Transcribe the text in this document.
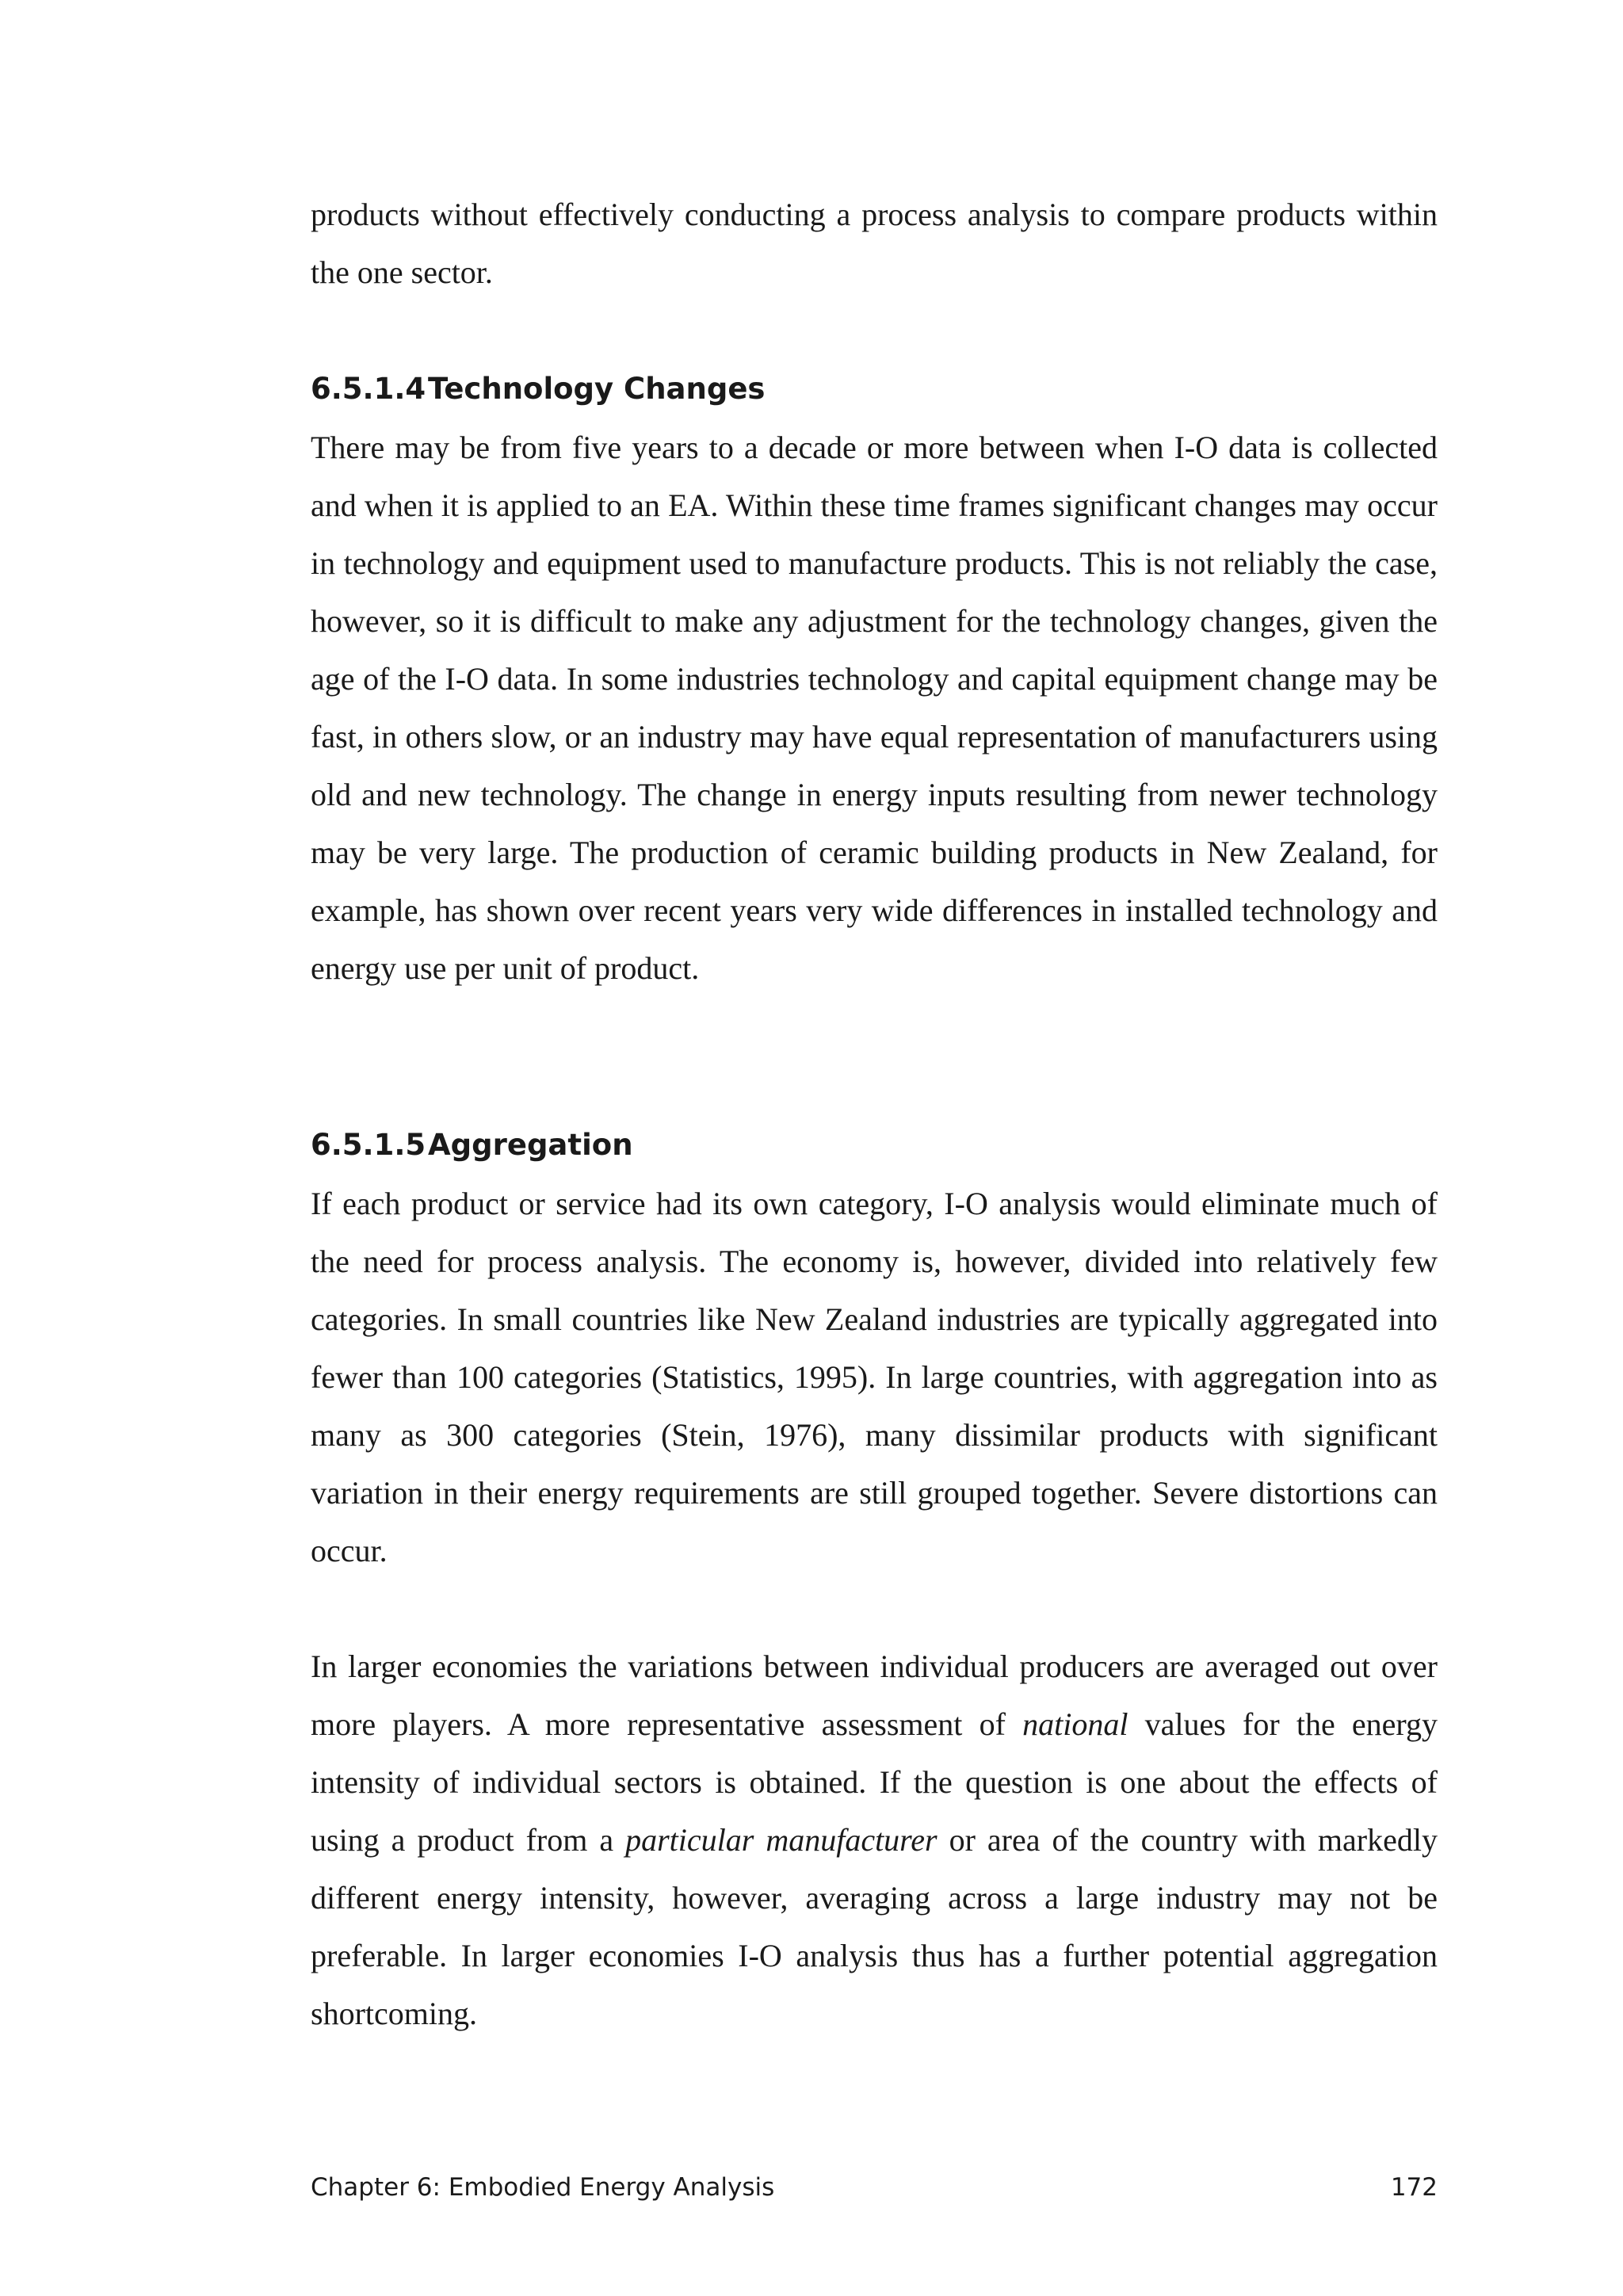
products without effectively conducting a process analysis to compare products within the one sector.

6.5.1.4Technology Changes

There may be from five years to a decade or more between when I-O data is collected and when it is applied to an EA. Within these time frames significant changes may occur in technology and equipment used to manufacture products. This is not reliably the case, however, so it is difficult to make any adjustment for the technology changes, given the age of the I-O data. In some industries technology and capital equipment change may be fast, in others slow, or an industry may have equal representation of manufacturers using old and new technology. The change in energy inputs resulting from newer technology may be very large. The production of ceramic building products in New Zealand, for example, has shown over recent years very wide differences in installed technology and energy use per unit of product.

6.5.1.5Aggregation

If each product or service had its own category, I-O analysis would eliminate much of the need for process analysis. The economy is, however, divided into relatively few categories. In small countries like New Zealand industries are typically aggregated into fewer than 100 categories (Statistics, 1995). In large countries, with aggregation into as many as 300 categories (Stein, 1976), many dissimilar products with significant variation in their energy requirements are still grouped together. Severe distortions can occur.

In larger economies the variations between individual producers are averaged out over more players. A more representative assessment of national values for the energy intensity of individual sectors is obtained. If the question is one about the effects of using a product from a particular manufacturer or area of the country with markedly different energy intensity, however, averaging across a large industry may not be preferable. In larger economies I-O analysis thus has a further potential aggregation shortcoming.

Chapter 6: Embodied Energy Analysis	172
